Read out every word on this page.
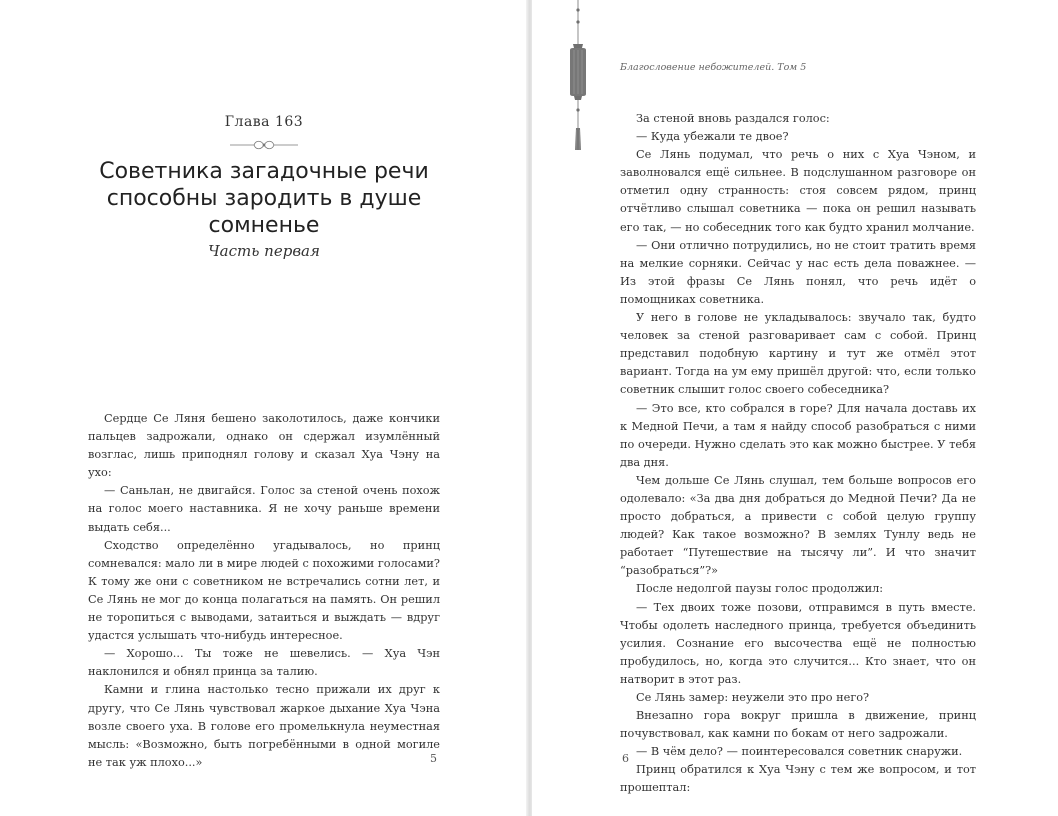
Глава 163
Советника загадочные речи
способны зародить в душе
сомненье
Часть первая

Сердце Се Ляня бешено заколотилось, даже кончики пальцев задрожали, однако он сдержал изумлённый возглас, лишь приподнял голову и сказал Хуа Чэну на ухо:

— Саньлан, не двигайся. Голос за стеной очень похож на голос моего наставника. Я не хочу раньше времени выдать себя...

Сходство определённо угадывалось, но принц сомневался: мало ли в мире людей с похожими голосами? К тому же они с советником не встречались сотни лет, и Се Лянь не мог до конца полагаться на память. Он решил не торопиться с выводами, затаиться и выждать — вдруг удастся услышать что-нибудь интересное.

— Хорошо... Ты тоже не шевелись. — Хуа Чэн наклонился и обнял принца за талию.

Камни и глина настолько тесно прижали их друг к другу, что Се Лянь чувствовал жаркое дыхание Хуа Чэна возле своего уха. В голове его промелькнула неуместная мысль: «Возможно, быть погребёнными в одной могиле не так уж плохо...»	5
Благословение небожителей. Том 5

За стеной вновь раздался голос:

— Куда убежали те двое?

Се Лянь подумал, что речь о них с Хуа Чэном, и заволновался ещё сильнее. В подслушанном разговоре он отметил одну странность: стоя совсем рядом, принц отчётливо слышал советника — пока он решил называть его так, — но собеседник того как будто хранил молчание.

— Они отлично потрудились, но не стоит тратить время на мелкие сорняки. Сейчас у нас есть дела поважнее. — Из этой фразы Се Лянь понял, что речь идёт о помощниках советника.

У него в голове не укладывалось: звучало так, будто человек за стеной разговаривает сам с собой. Принц представил подобную картину и тут же отмёл этот вариант. Тогда на ум ему пришёл другой: что, если только советник слышит голос своего собеседника?

— Это все, кто собрался в горе? Для начала доставь их к Медной Печи, а там я найду способ разобраться с ними по очереди. Нужно сделать это как можно быстрее. У тебя два дня.

Чем дольше Се Лянь слушал, тем больше вопросов его одолевало: «За два дня добраться до Медной Печи? Да не просто добраться, а привести с собой целую группу людей? Как такое возможно? В землях Тунлу ведь не работает “Путешествие на тысячу ли”. И что значит “разобраться”?»

После недолгой паузы голос продолжил:

— Тех двоих тоже позови, отправимся в путь вместе. Чтобы одолеть наследного принца, требуется объединить усилия. Сознание его высочества ещё не полностью пробудилось, но, когда это случится... Кто знает, что он натворит в этот раз.

Се Лянь замер: неужели это про него?

Внезапно гора вокруг пришла в движение, принц почувствовал, как камни по бокам от него задрожали.

— В чём дело? — поинтересовался советник снаружи.

Принц обратился к Хуа Чэну с тем же вопросом, и тот прошептал:

6
